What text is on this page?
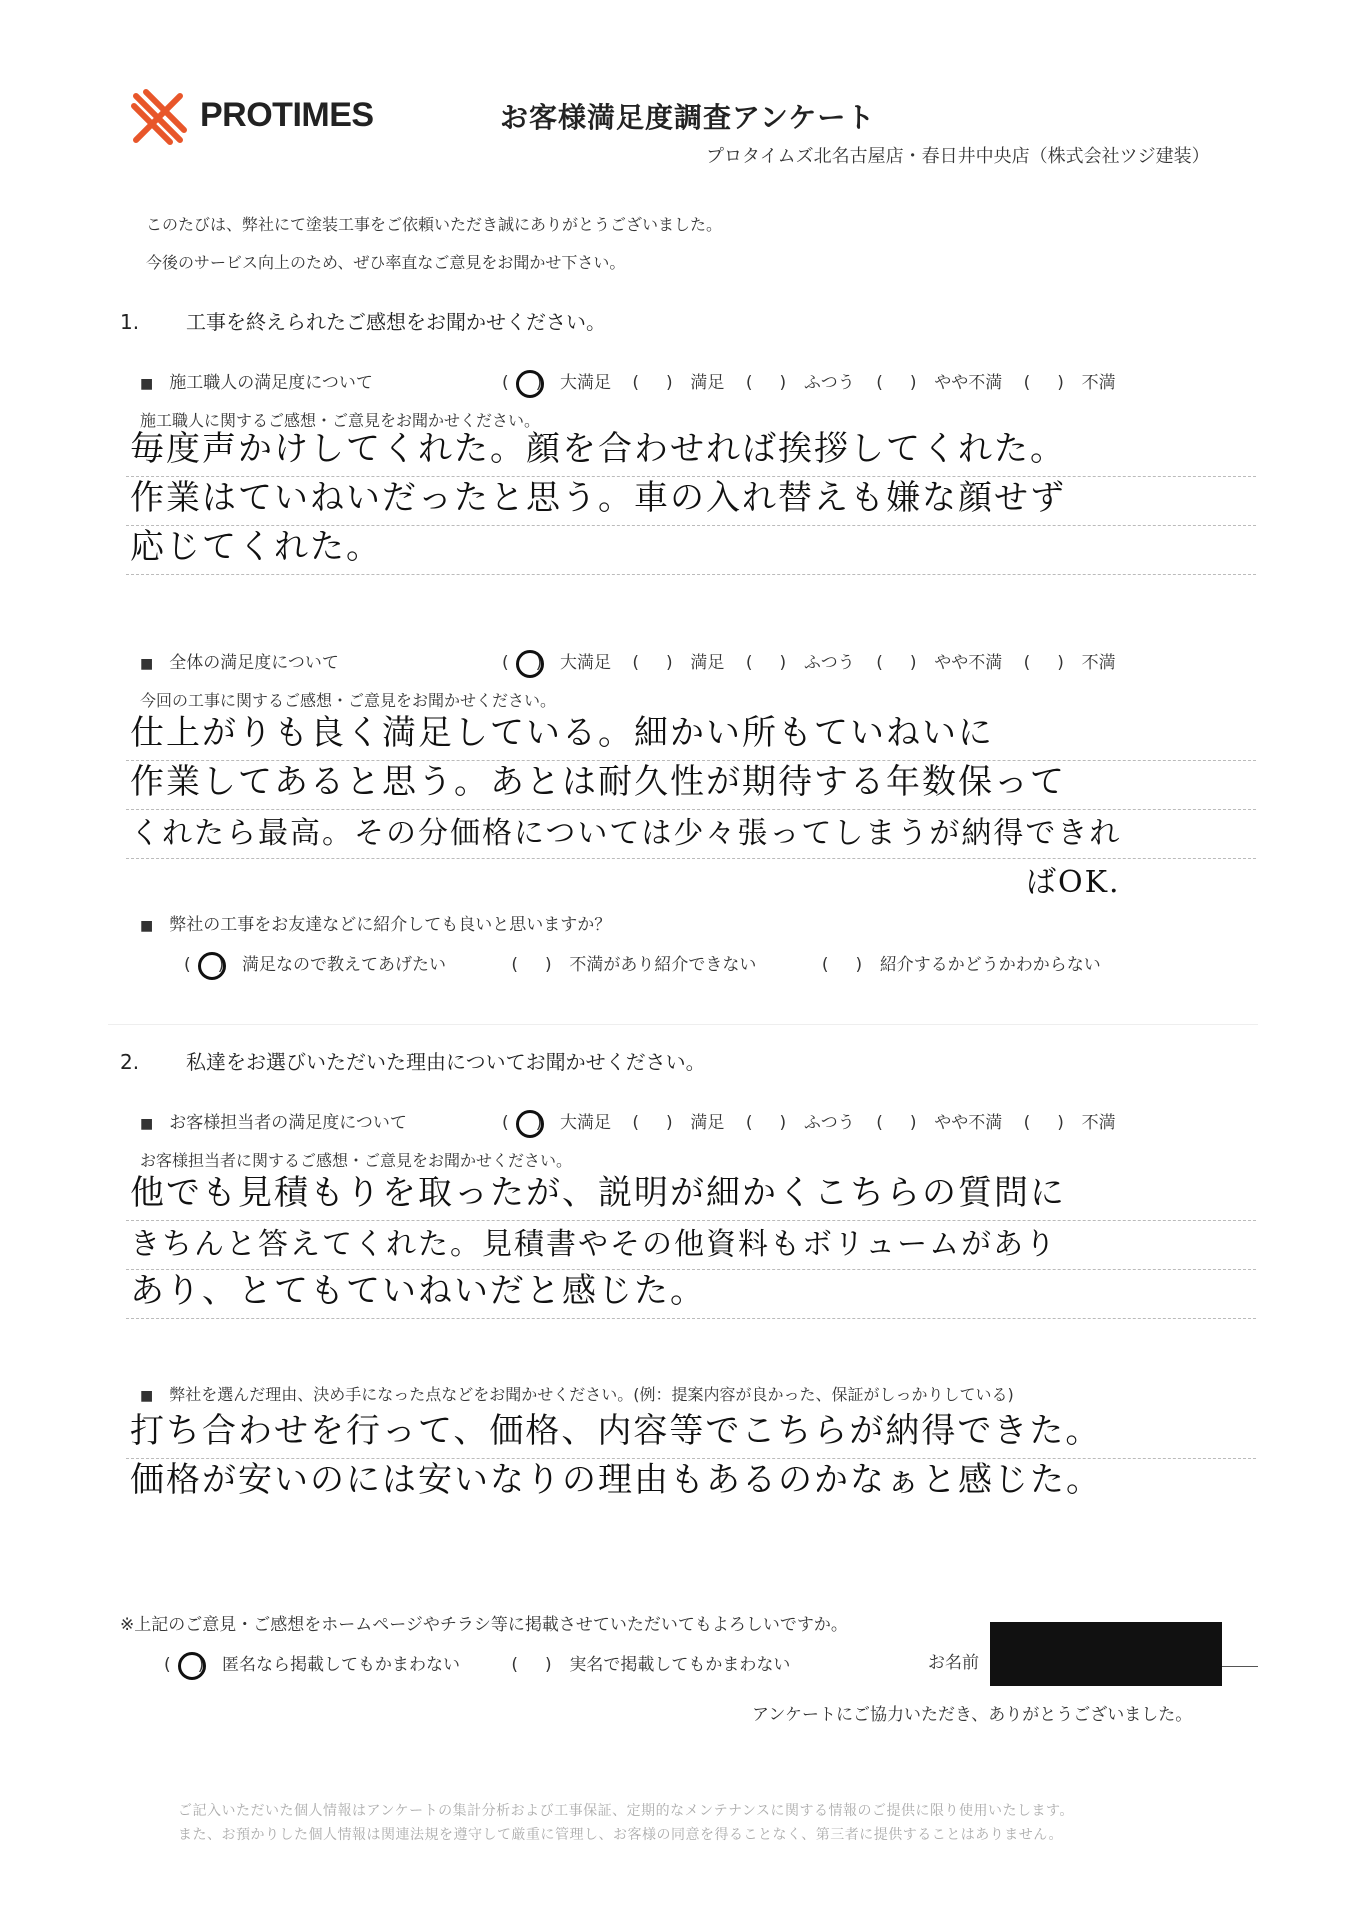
PROTIMES	お客様満足度調査アンケート
プロタイムズ北名古屋店・春日井中央店（株式会社ツジ建装）
このたびは、弊社にて塗装工事をご依頼いただき誠にありがとうございました。
今後のサービス向上のため、ぜひ率直なご意見をお聞かせ下さい。
1. 工事を終えられたご感想をお聞かせください。
■ 施工職人の満足度について	(
) 大満足 (     ) 満足 (     ) ふつう (     ) やや不満 (     ) 不満
施工職人に関するご感想・ご意見をお聞かせください。
毎度声かけしてくれた。顔を合わせれば挨拶してくれた。
作業はていねいだったと思う。車の入れ替えも嫌な顔せず
応じてくれた。
■ 全体の満足度について	(
) 大満足 (     ) 満足 (     ) ふつう (     ) やや不満 (     ) 不満
今回の工事に関するご感想・ご意見をお聞かせください。
仕上がりも良く満足している。細かい所もていねいに
作業してあると思う。あとは耐久性が期待する年数保って
くれたら最高。その分価格については少々張ってしまうが納得できれ
ばOK.
■ 弊社の工事をお友達などに紹介しても良いと思いますか？
(
) 満足なので教えてあげたい	(     ) 不満があり紹介できない	(     ) 紹介するかどうかわからない
2. 私達をお選びいただいた理由についてお聞かせください。
■ お客様担当者の満足度について	(
) 大満足 (     ) 満足 (     ) ふつう (     ) やや不満 (     ) 不満
お客様担当者に関するご感想・ご意見をお聞かせください。
他でも見積もりを取ったが、説明が細かくこちらの質問に
きちんと答えてくれた。見積書やその他資料もボリュームがあり
あり、とてもていねいだと感じた。
■ 弊社を選んだ理由、決め手になった点などをお聞かせください。(例：提案内容が良かった、保証がしっかりしている)
打ち合わせを行って、価格、内容等でこちらが納得できた。
価格が安いのには安いなりの理由もあるのかなぁと感じた。
※上記のご意見・ご感想をホームページやチラシ等に掲載させていただいてもよろしいですか。
(
) 匿名なら掲載してもかまわない	(     ) 実名で掲載してもかまわない	お名前
アンケートにご協力いただき、ありがとうございました。
ご記入いただいた個人情報はアンケートの集計分析および工事保証、定期的なメンテナンスに関する情報のご提供に限り使用いたします。
また、お預かりした個人情報は関連法規を遵守して厳重に管理し、お客様の同意を得ることなく、第三者に提供することはありません。
